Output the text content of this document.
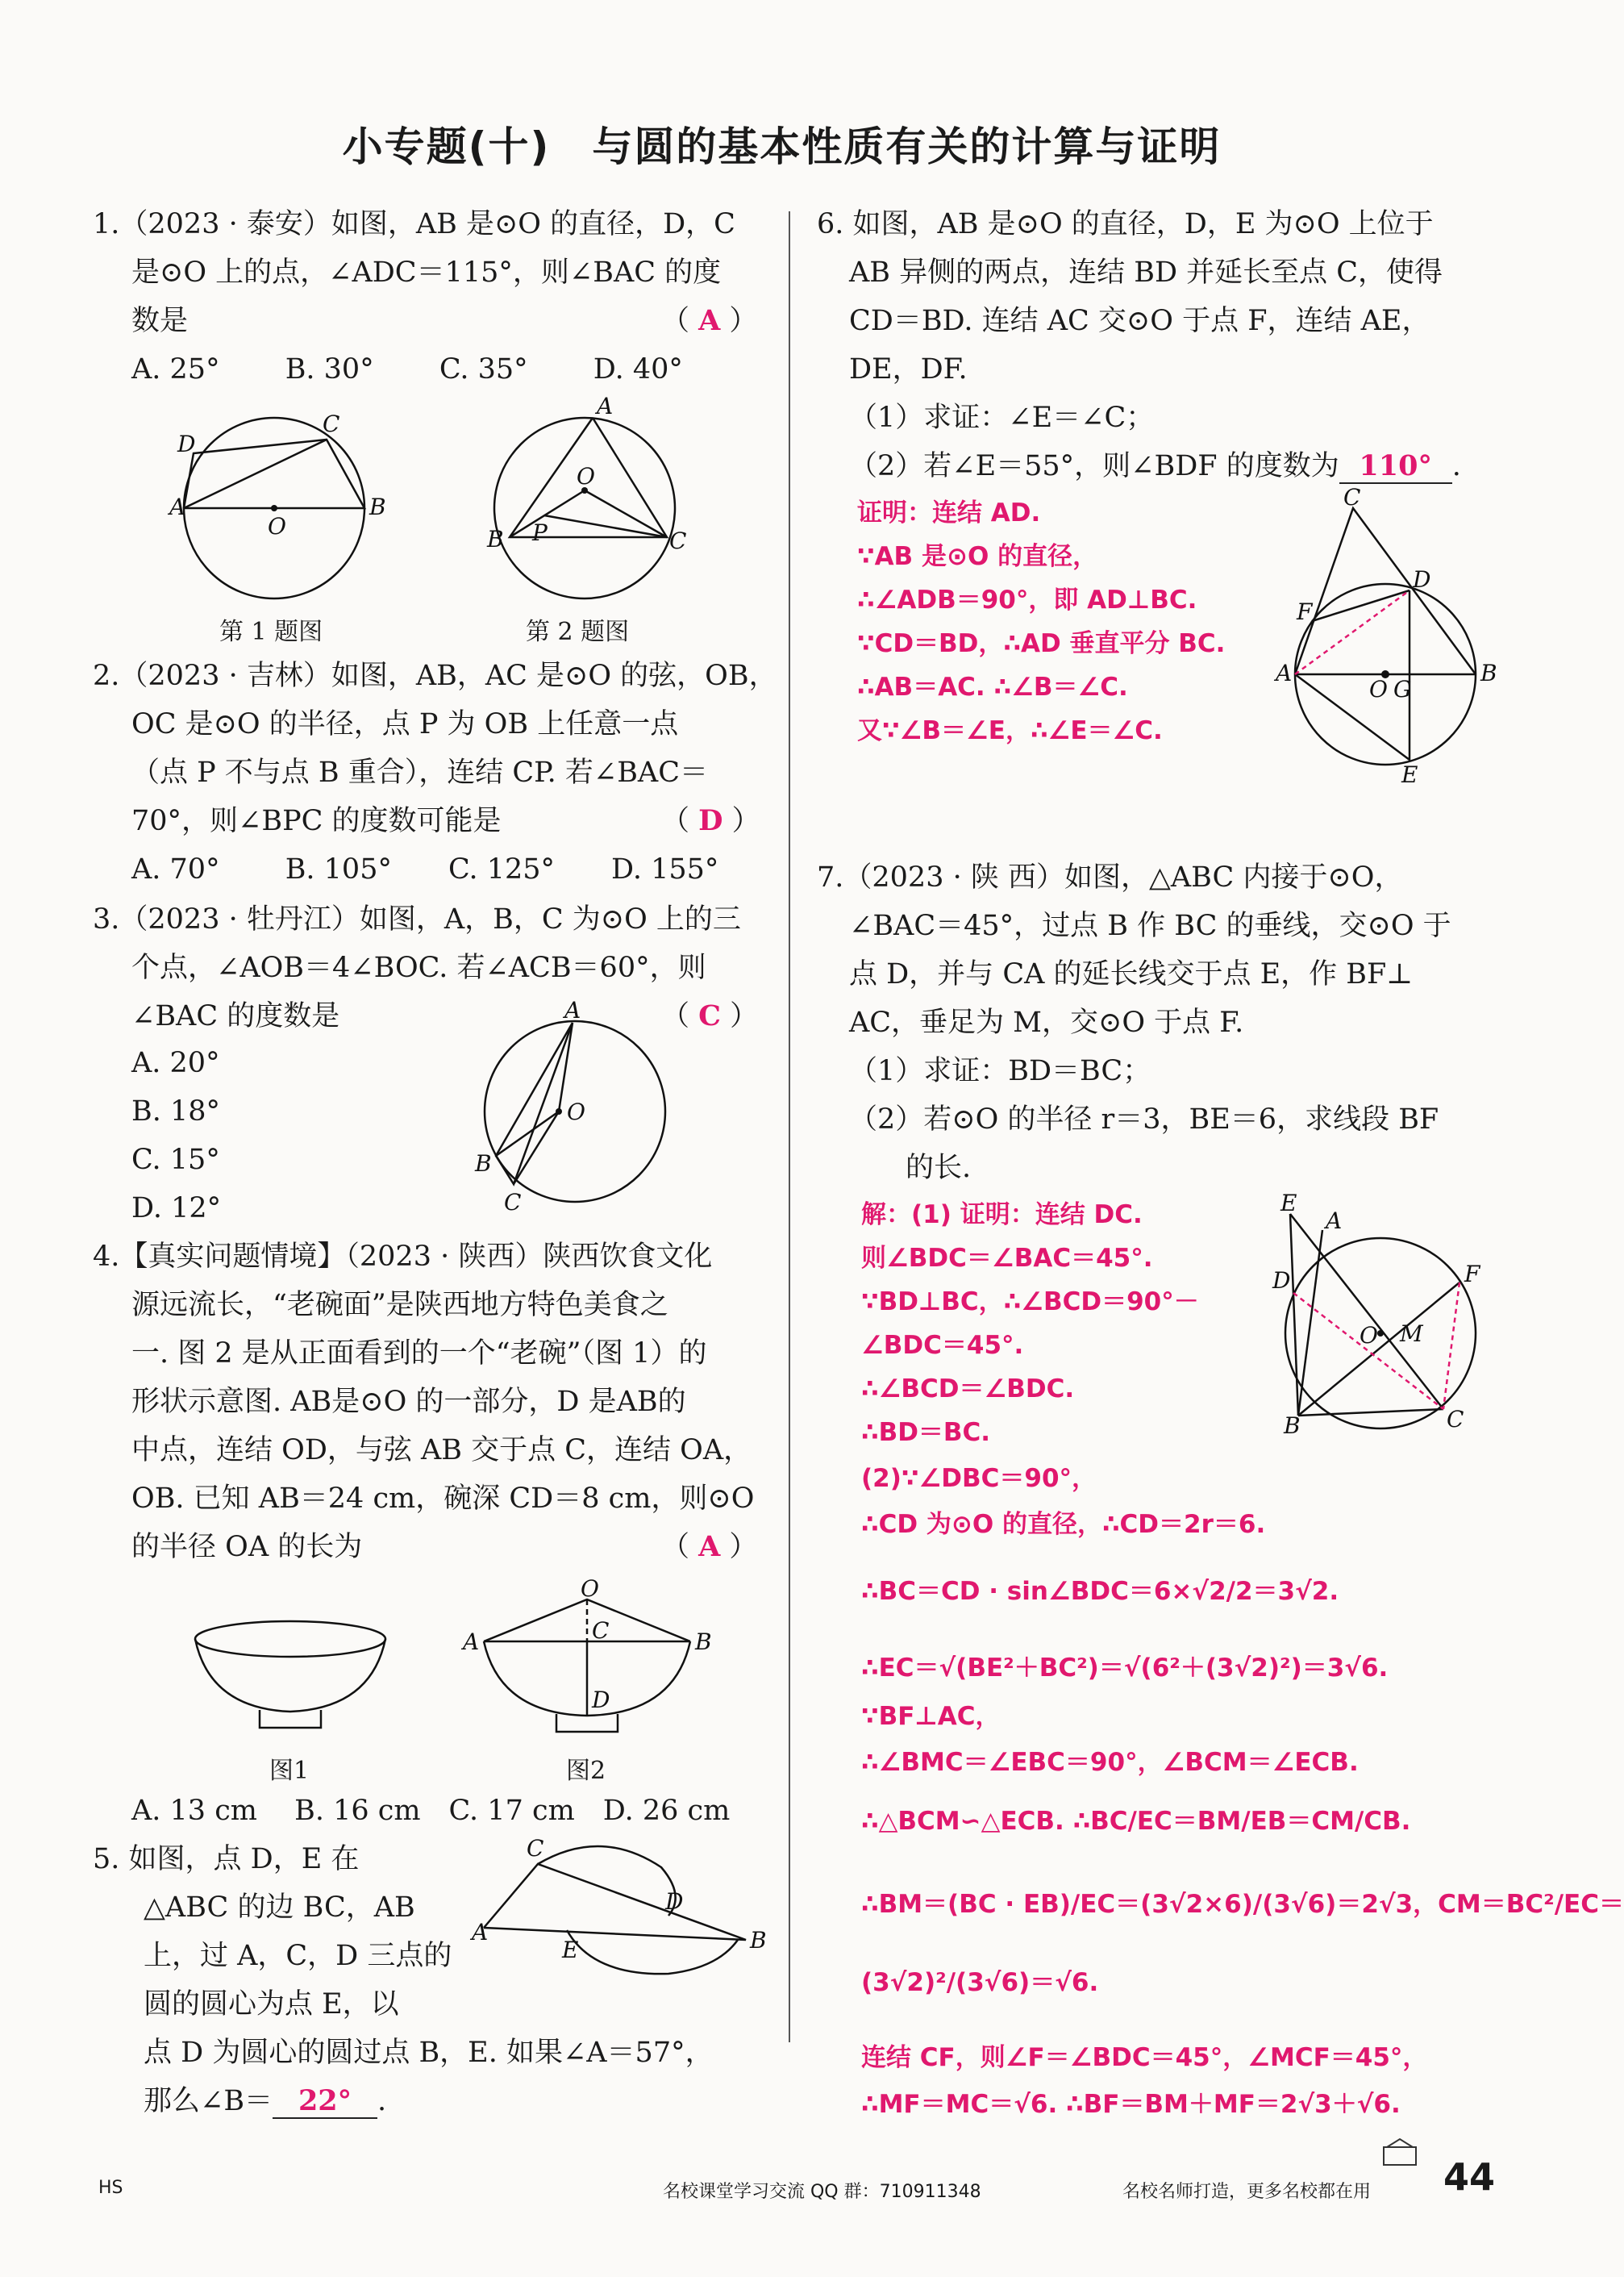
小专题(十)　与圆的基本性质有关的计算与证明
1.（2023 · 泰安）如图，AB 是⊙O 的直径，D，C
是⊙O 上的点，∠ADC＝115°，则∠BAC 的度
数是	（ A ）
A. 25°　　 B. 30°　　 C. 35°　　 D. 40°
A	B
D
C
O
A
B	C
O
P
第 1 题图	第 2 题图
2.（2023 · 吉林）如图，AB，AC 是⊙O 的弦，OB，
OC 是⊙O 的半径，点 P 为 OB 上任意一点
（点 P 不与点 B 重合），连结 CP. 若∠BAC＝
70°，则∠BPC 的度数可能是	（ D ）
A. 70°　　 B. 105°　　C. 125°　　D. 155°
3.（2023 · 牡丹江）如图，A，B，C 为⊙O 上的三
个点，∠AOB＝4∠BOC. 若∠ACB＝60°，则
∠BAC 的度数是	（ C ）
A. 20°
B. 18°
C. 15°
D. 12°
A
B
C
O
4.【真实问题情境】（2023 · 陕西）陕西饮食文化
源远流长，“老碗面”是陕西地方特色美食之
一. 图 2 是从正面看到的一个“老碗”（图 1）的
形状示意图. AB是⊙O 的一部分，D 是AB的
中点，连结 OD，与弦 AB 交于点 C，连结 OA，
OB. 已知 AB＝24 cm，碗深 CD＝8 cm，则⊙O
的半径 OA 的长为	（ A ）
A	B
O
C
D
图1	图2
A. 13 cm　 B. 16 cm　C. 17 cm　D. 26 cm
5. 如图，点 D，E 在
△ABC 的边 BC，AB
上，过 A，C，D 三点的
圆的圆心为点 E，以
点 D 为圆心的圆过点 B，E. 如果∠A＝57°，
那么∠B＝ 22° .
C
D
A	B
E
6. 如图，AB 是⊙O 的直径，D，E 为⊙O 上位于
AB 异侧的两点，连结 BD 并延长至点 C，使得
CD＝BD. 连结 AC 交⊙O 于点 F，连结 AE，
DE，DF.
（1）求证：∠E＝∠C；
（2）若∠E＝55°，则∠BDF 的度数为 110° .
证明：连结 AD.
∵AB 是⊙O 的直径，
∴∠ADB＝90°，即 AD⊥BC.
∵CD＝BD，∴AD 垂直平分 BC.
∴AB＝AC. ∴∠B＝∠C.
又∵∠B＝∠E，∴∠E＝∠C.
C
D
F
A	B
O G
E
7.（2023 · 陕 西）如图，△ABC 内接于⊙O，
∠BAC＝45°，过点 B 作 BC 的垂线，交⊙O 于
点 D，并与 CA 的延长线交于点 E，作 BF⊥
AC，垂足为 M，交⊙O 于点 F.
（1）求证：BD＝BC；
（2）若⊙O 的半径 r＝3，BE＝6，求线段 BF
　　的长.
解：(1) 证明：连结 DC.
则∠BDC＝∠BAC＝45°.
∵BD⊥BC，∴∠BCD＝90°－
∠BDC＝45°.
∴∠BCD＝∠BDC.
∴BD＝BC.
(2)∵∠DBC＝90°，
∴CD 为⊙O 的直径，∴CD＝2r＝6.
∴BC＝CD · sin∠BDC＝6×√2/2＝3√2.
∴EC＝√(BE²＋BC²)＝√(6²＋(3√2)²)＝3√6.
∵BF⊥AC，
∴∠BMC＝∠EBC＝90°，∠BCM＝∠ECB.
∴△BCM∽△ECB. ∴BC/EC＝BM/EB＝CM/CB.
∴BM＝(BC · EB)/EC＝(3√2×6)/(3√6)＝2√3，CM＝BC²/EC＝
(3√2)²/(3√6)＝√6.
连结 CF，则∠F＝∠BDC＝45°，∠MCF＝45°，
∴MF＝MC＝√6. ∴BF＝BM＋MF＝2√3＋√6.
E
A
D	F
O M
B	C
HS	名校课堂学习交流 QQ 群：710911348	名校名师打造，更多名校都在用 44
